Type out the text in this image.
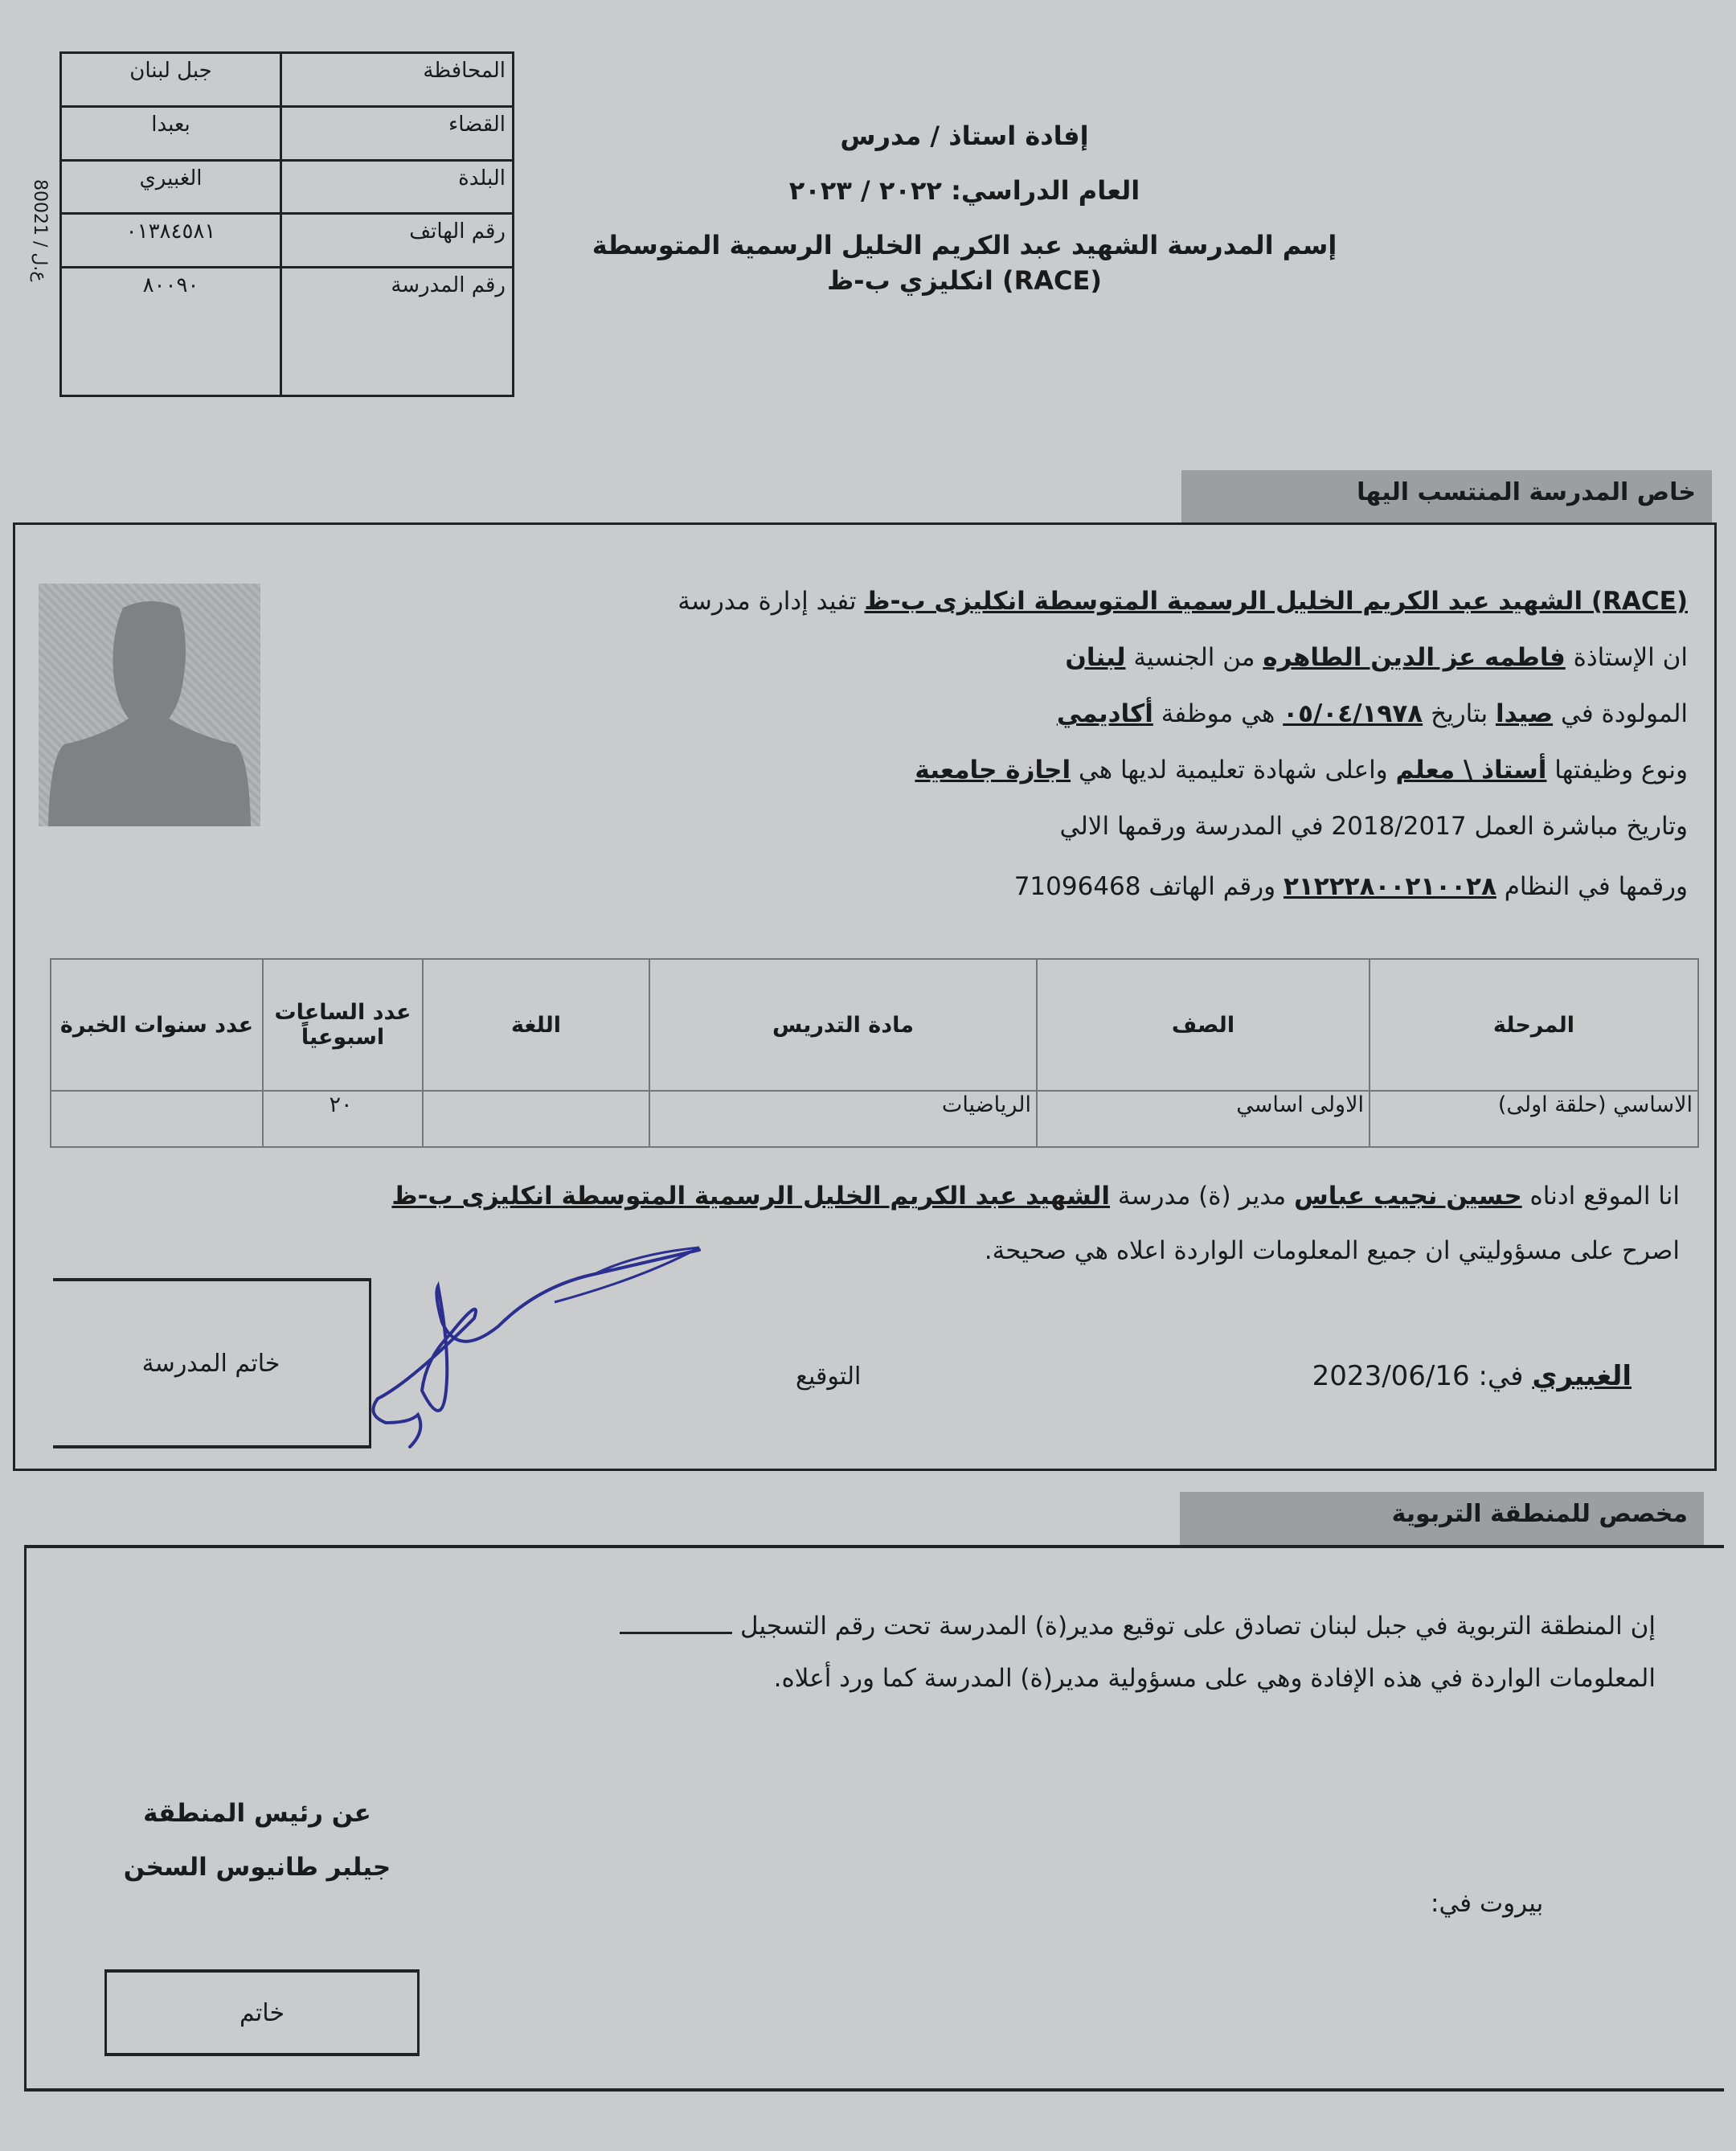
80021 / ع.ل
المحافظة	جبل لبنان
القضاء	بعبدا
البلدة	الغبيري
رقم الهاتف	٠١٣٨٤٥٨١
رقم المدرسة	٨٠٠٩٠
إفادة استاذ / مدرس
العام الدراسي: ٢٠٢٢ / ٢٠٢٣
إسم المدرسة الشهيد عبد الكريم الخليل الرسمية المتوسطة
(RACE) انكليزي ب-ظ
خاص المدرسة المنتسب اليها
(RACE) الشهيد عبد الكريم الخليل الرسمية المتوسطة انكليزى ب-ظ تفيد إدارة مدرسة
ان الإستاذة فاطمه عز الدين الطاهره من الجنسية لبنان
المولودة في صيدا بتاريخ ٠٥/٠٤/١٩٧٨ هي موظفة أكاديمي
ونوع وظيفتها أستاذ \ معلم واعلى شهادة تعليمية لديها هي اجازة جامعية
وتاريخ مباشرة العمل 2018/2017 في المدرسة ورقمها الالي
ورقمها في النظام ٢١٢٢٢٨٠٠٢١٠٠٢٨ ورقم الهاتف 71096468
المرحلة	الصف	مادة التدريس	اللغة	عدد الساعات اسبوعياً	عدد سنوات الخبرة
الاساسي (حلقة اولى)	الاولى اساسي	الرياضيات		٢٠	
انا الموقع ادناه حسين نجيب عباس مدير (ة) مدرسة الشهيد عبد الكريم الخليل الرسمية المتوسطة انكليزى ب-ظ
اصرح على مسؤوليتي ان جميع المعلومات الواردة اعلاه هي صحيحة.
خاتم المدرسة	التوقيع	الغبيري في: 2023/06/16
مخصص للمنطقة التربوية
إن المنطقة التربوية في جبل لبنان تصادق على توقيع مدير(ة) المدرسة تحت رقم التسجيل
المعلومات الواردة في هذه الإفادة وهي على مسؤولية مدير(ة) المدرسة كما ورد أعلاه.
عن رئيس المنطقة
جيلبر طانيوس السخن
بيروت في:
خاتم
